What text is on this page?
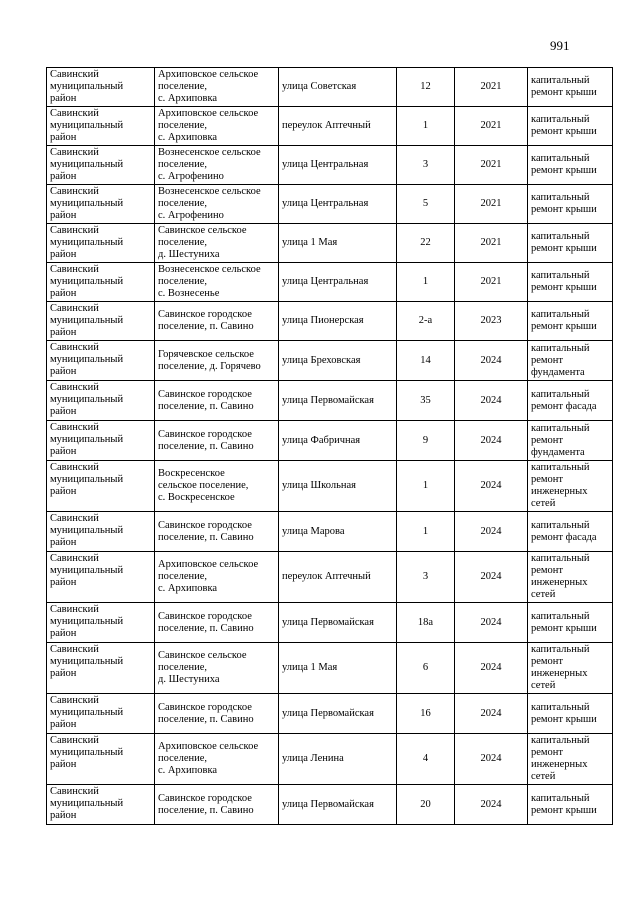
991
Савинский
муниципальный
район	Архиповское сельское
поселение,
с. Архиповка	улица Советская	12	2021	капитальный
ремонт крыши

Савинский
муниципальный
район	Архиповское сельское
поселение,
с. Архиповка	переулок Аптечный	1	2021	капитальный
ремонт крыши

Савинский
муниципальный
район	Вознесенское сельское
поселение,
с. Агрофенино	улица Центральная	3	2021	капитальный
ремонт крыши

Савинский
муниципальный
район	Вознесенское сельское
поселение,
с. Агрофенино	улица Центральная	5	2021	капитальный
ремонт крыши

Савинский
муниципальный
район	Савинское сельское
поселение,
д. Шестуниха	улица 1 Мая	22	2021	капитальный
ремонт крыши

Савинский
муниципальный
район	Вознесенское сельское
поселение,
с. Вознесенье	улица Центральная	1	2021	капитальный
ремонт крыши

Савинский
муниципальный
район	Савинское городское
поселение, п. Савино	улица Пионерская	2-а	2023	капитальный
ремонт крыши

Савинский
муниципальный
район	Горячевское сельское
поселение, д. Горячево	улица Бреховская	14	2024	капитальный
ремонт
фундамента

Савинский
муниципальный
район	Савинское городское
поселение, п. Савино	улица Первомайская	35	2024	капитальный
ремонт фасада

Савинский
муниципальный
район	Савинское городское
поселение, п. Савино	улица Фабричная	9	2024	капитальный
ремонт
фундамента

Савинский
муниципальный
район	Воскресенское
сельское поселение,
с. Воскресенское	улица Школьная	1	2024	капитальный
ремонт
инженерных
сетей

Савинский
муниципальный
район	Савинское городское
поселение, п. Савино	улица Марова	1	2024	капитальный
ремонт фасада

Савинский
муниципальный
район	Архиповское сельское
поселение,
с. Архиповка	переулок Аптечный	3	2024	капитальный
ремонт
инженерных
сетей

Савинский
муниципальный
район	Савинское городское
поселение, п. Савино	улица Первомайская	18а	2024	капитальный
ремонт крыши

Савинский
муниципальный
район	Савинское сельское
поселение,
д. Шестуниха	улица 1 Мая	6	2024	капитальный
ремонт
инженерных
сетей

Савинский
муниципальный
район	Савинское городское
поселение, п. Савино	улица Первомайская	16	2024	капитальный
ремонт крыши

Савинский
муниципальный
район	Архиповское сельское
поселение,
с. Архиповка	улица Ленина	4	2024	капитальный
ремонт
инженерных
сетей

Савинский
муниципальный
район	Савинское городское
поселение, п. Савино	улица Первомайская	20	2024	капитальный
ремонт крыши
